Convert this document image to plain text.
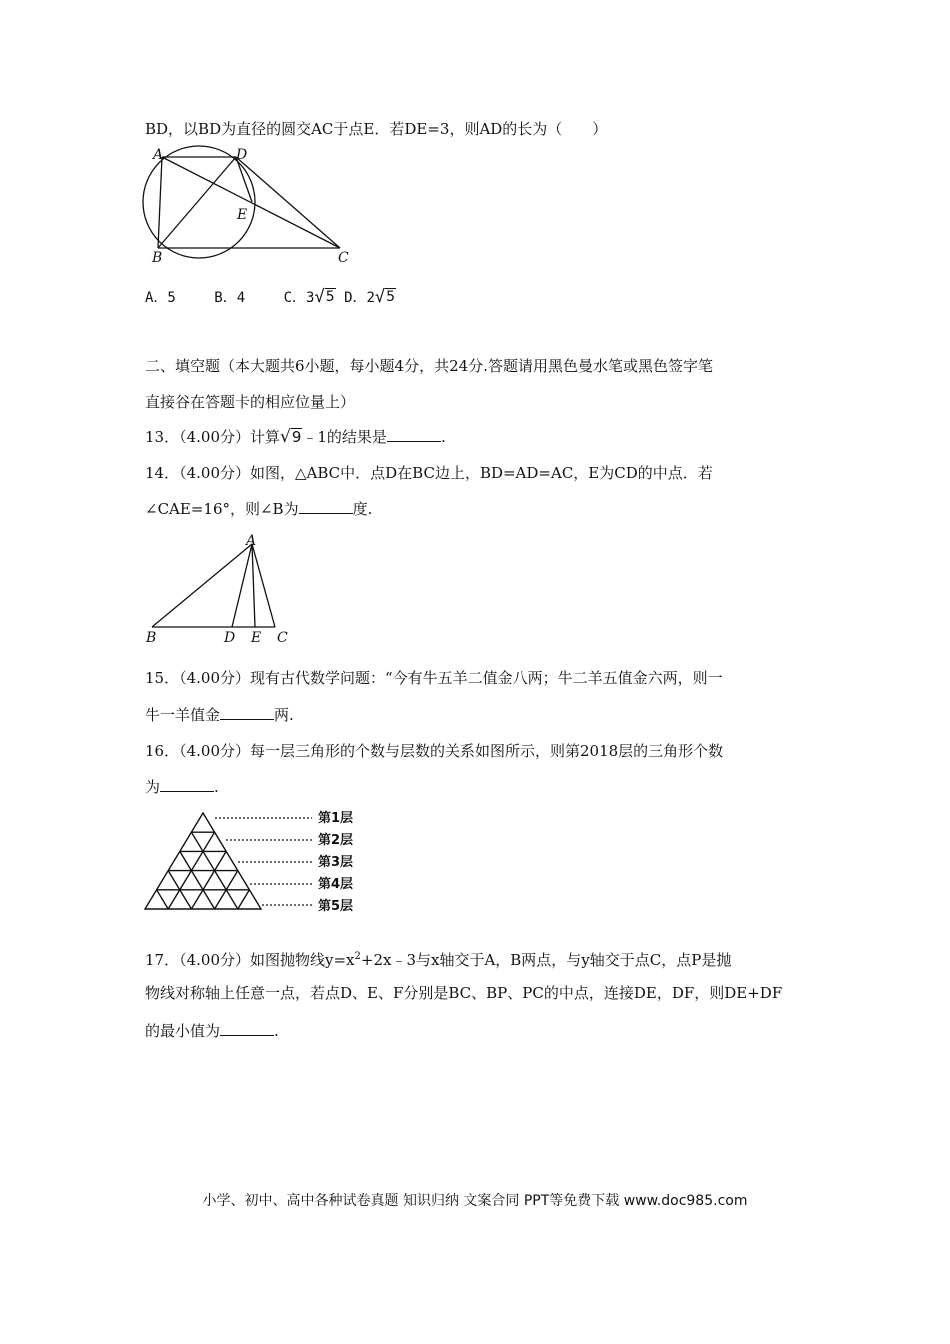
BD，以BD为直径的圆交AC于点E．若DE=3，则AD的长为（　　）
A	D
E
B	C
A．5	B．4	C．3 √ 5 D．2 √ 5
二、填空题（本大题共6小题，每小题4分，共24分.答题请用黑色曼水笔或黑色签字笔
直接谷在答题卡的相应位量上）
13．（4.00分）计算 √ 9 ﹣1的结果是	.
14．（4.00分）如图，△ABC中．点D在BC边上，BD=AD=AC，E为CD的中点．若
∠CAE=16°，则∠B为	度.
A
B	D E C
15．（4.00分）现有古代数学问题：“今有牛五羊二值金八两；牛二羊五值金六两，则一
牛一羊值金	两.
16．（4.00分）每一层三角形的个数与层数的关系如图所示，则第2018层的三角形个数
为	.
第1层
第2层
第3层
第4层
第5层
17．（4.00分）如图抛物线$y=x^2+2x﹣3$与x轴交于A，B两点，与y轴交于点C，点P是抛
物线对称轴上任意一点，若点D、E、F分别是BC、BP、PC的中点，连接DE，DF，则DE+DF
的最小值为	.
小学、初中、高中各种试卷真题 知识归纳 文案合同 PPT等免费下载 www.doc985.com
